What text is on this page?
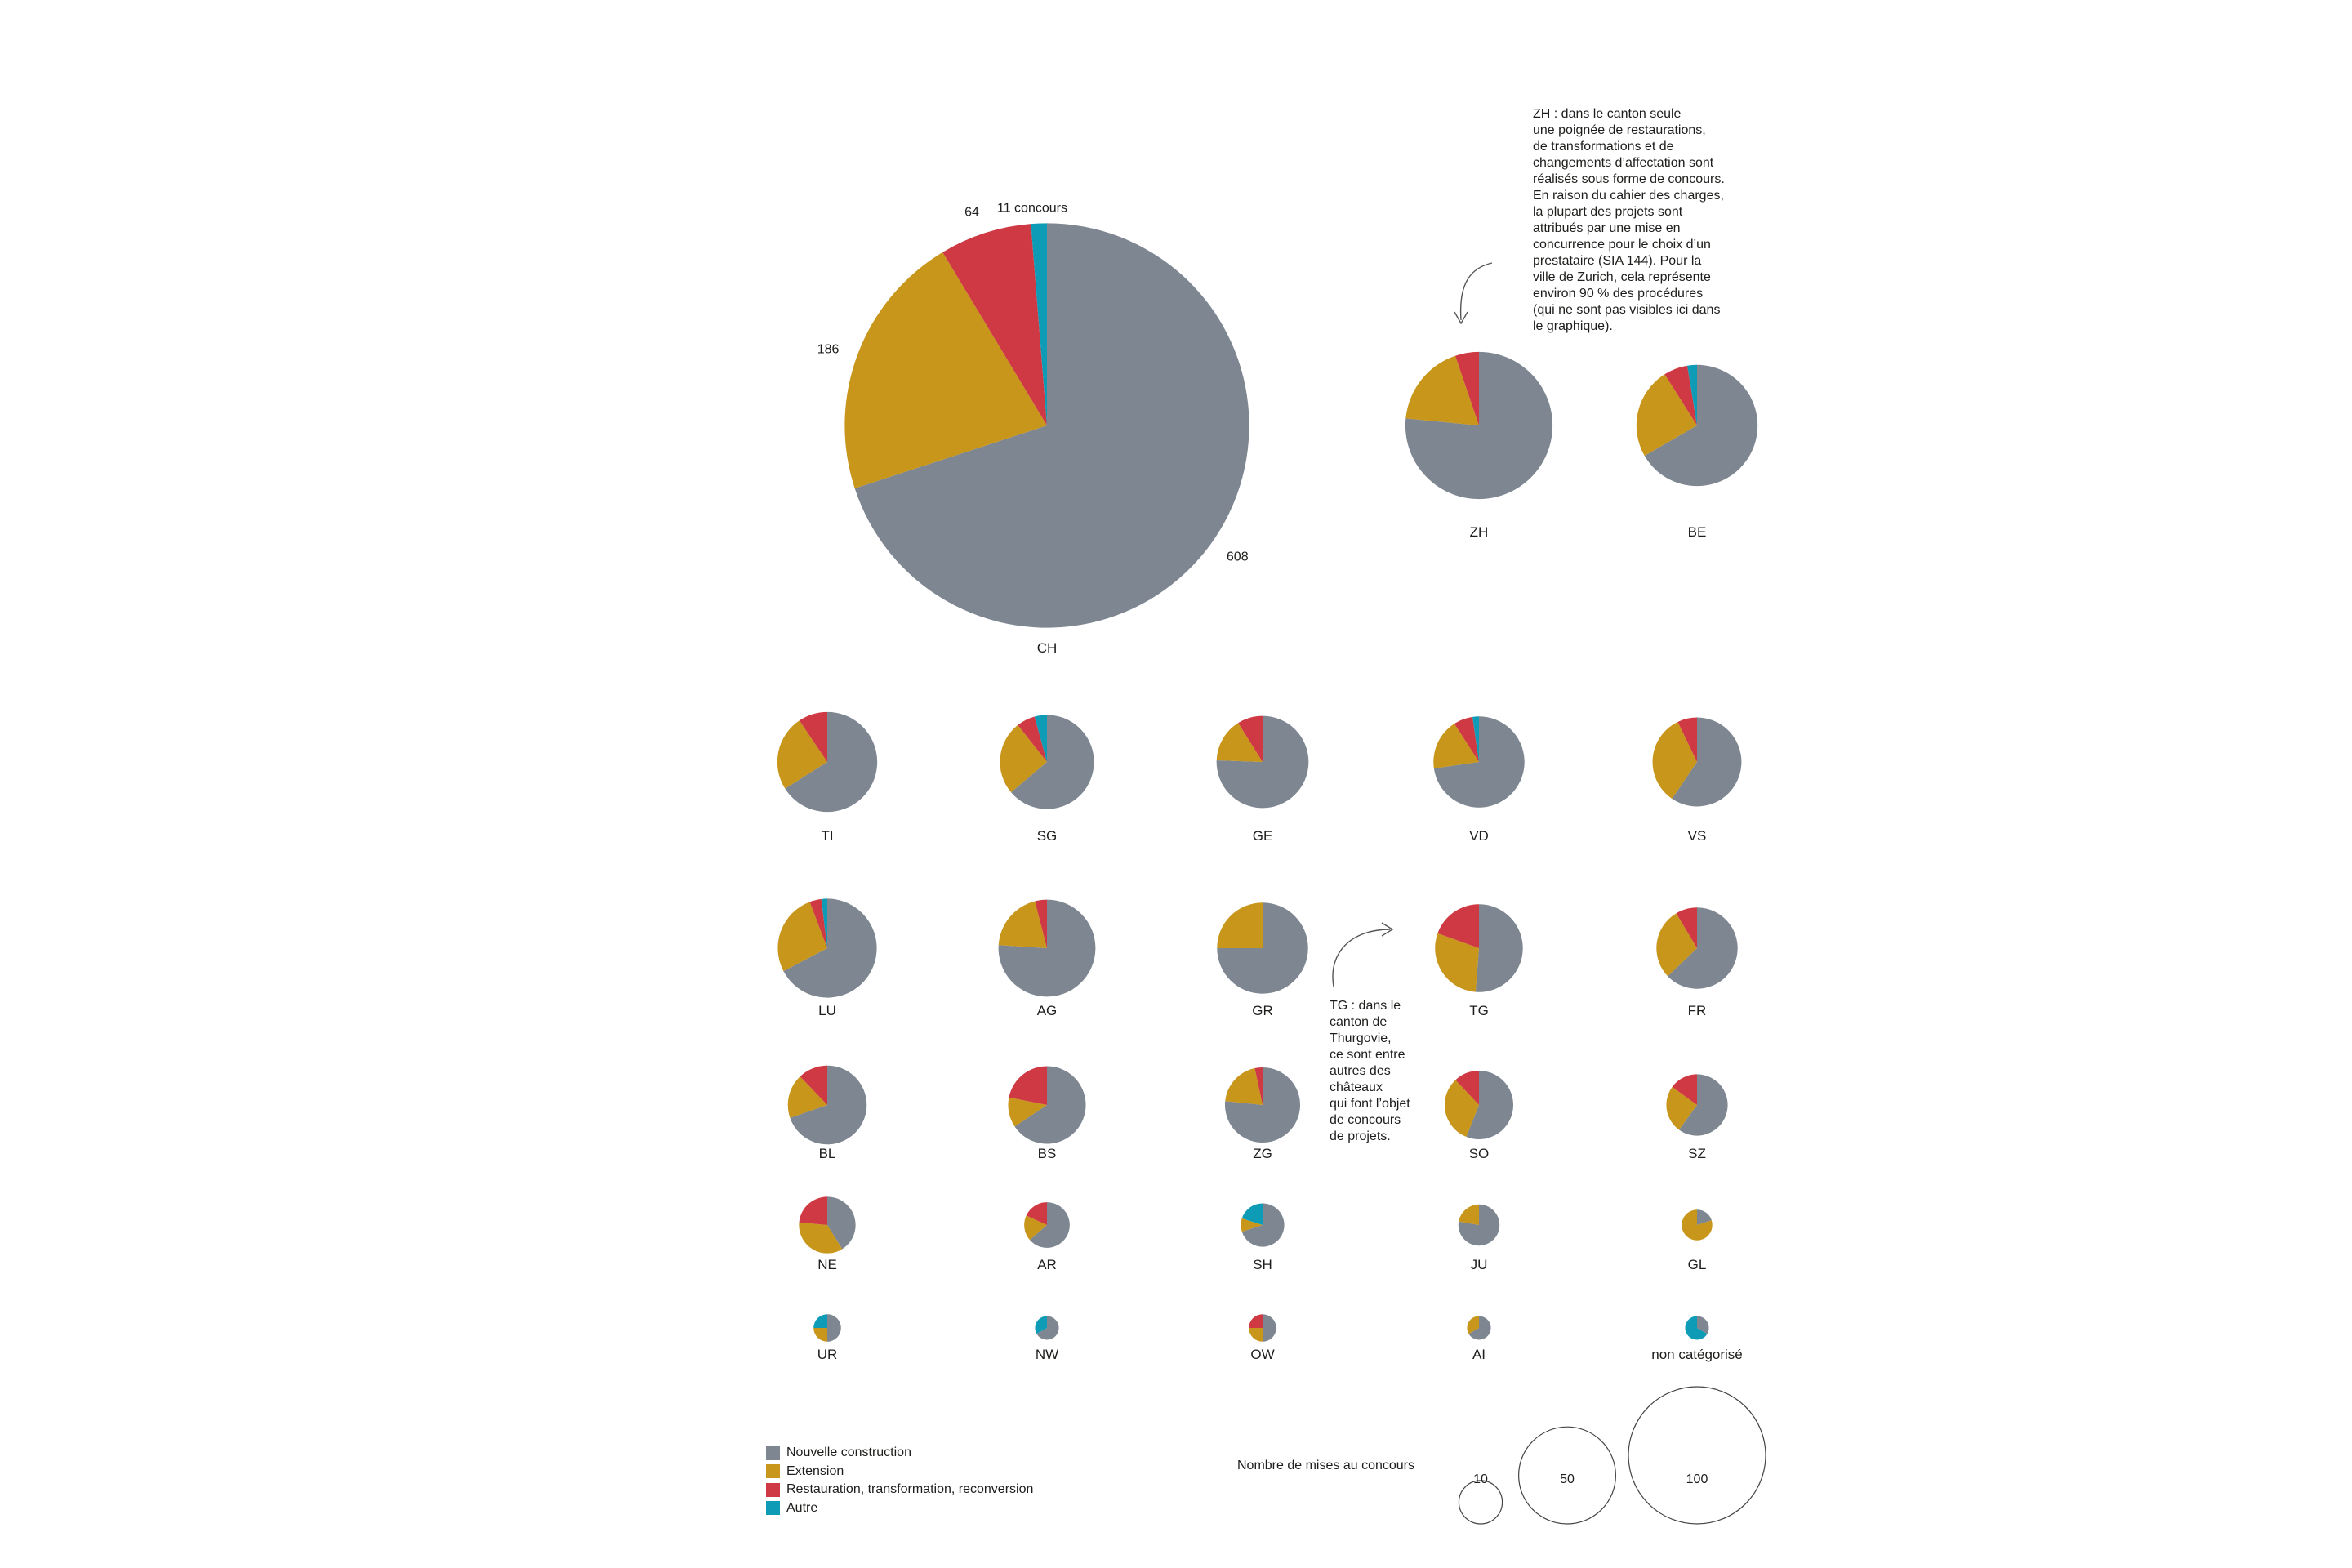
CH
608
186
64 11 concours
ZH	BE
TI	SG	GE	VD	VS
LU	AG	GR	TG	FR
BL	BS	ZG	SO	SZ
NE	AR	SH	JU	GL
UR	NW	OW	AI	non catégorisé
10	50	100
ZH : dans le canton seule
une poignée de restaurations,
de transformations et de
changements d’affectation sont
réalisés sous forme de concours.
En raison du cahier des charges,
la plupart des projets sont
attribués par une mise en
concurrence pour le choix d’un
prestataire (SIA 144). Pour la
ville de Zurich, cela représente
environ 90 % des procédures
(qui ne sont pas visibles ici dans
le graphique).
TG : dans le
canton de
Thurgovie,
ce sont entre
autres des
châteaux
qui font l’objet
de concours
de projets.
Nouvelle construction
Extension
Restauration, transformation, reconversion
Autre
Nombre de mises au concours
